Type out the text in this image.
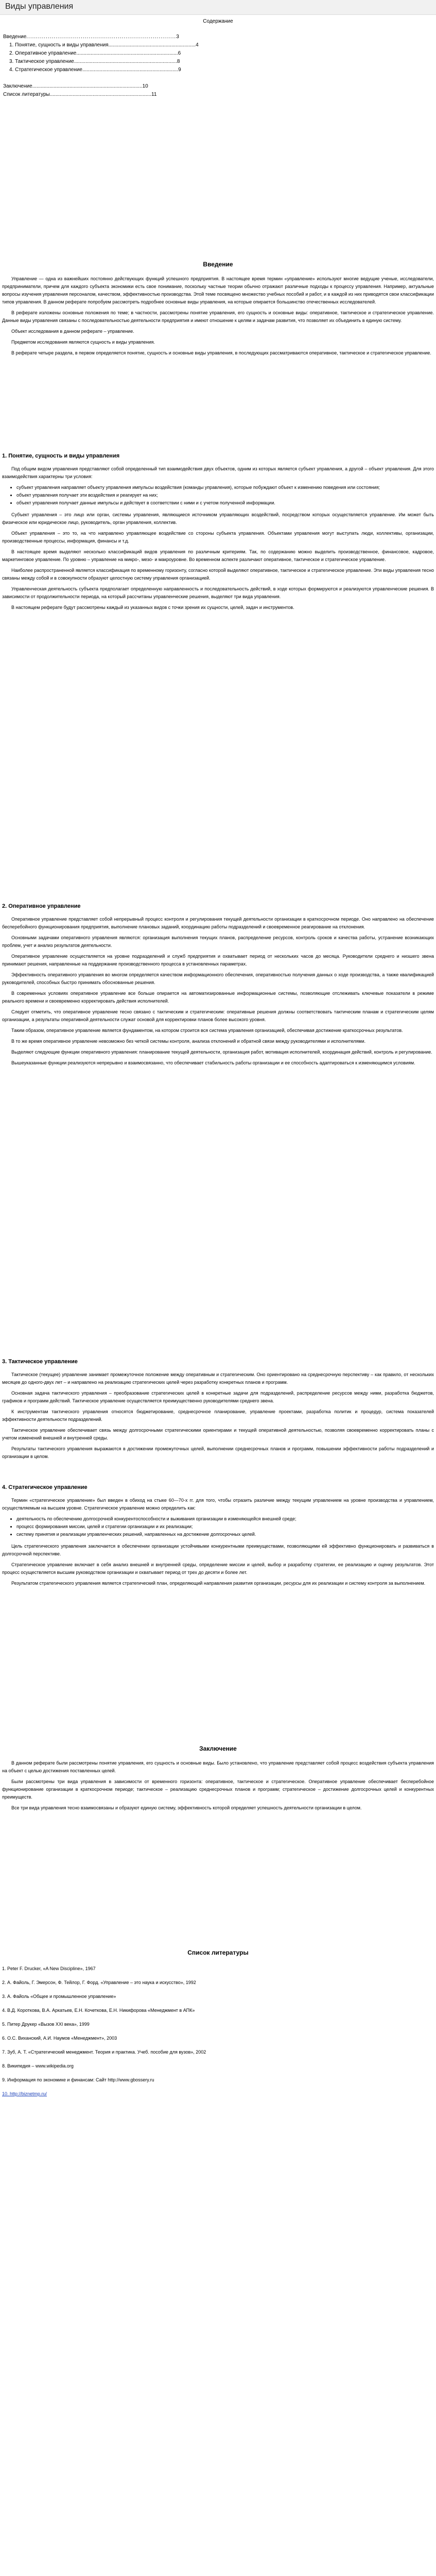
Виды управления
Содержание
Введение.............................................................................3
1. Понятие, сущность и виды управления.............................................................4
2. Оперативное управление.......................................................................6
3. Тактическое управление........................................................................8
4. Стратегическое управление...................................................................9
Заключение.............................................................................10
Список литературы.......................................................................11
Введение

Управление — одна из важнейших постоянно действующих функций успешного предприятия. В настоящее время термин «управление» используют многие ведущие ученые, исследователи, предприниматели, причем для каждого субъекта экономики есть свое понимание, поскольку частные теории обычно отражают различные подходы к процессу управления. Например, актуальные вопросы изучения управления персоналом, качеством, эффективностью производства. Этой теме посвящено множество учебных пособий и работ, и в каждой из них приводятся свои классификации типов управления. В данном реферате попробуем рассмотреть подробнее основные виды управления, на которые опирается большинство отечественных исследователей.

В реферате изложены основные положения по теме; в частности, рассмотрены понятие управления, его сущность и основные виды: оперативное, тактическое и стратегическое управление. Данные виды управления связаны с последовательностью деятельности предприятия и имеют отношение к целям и задачам развития, что позволяет их объединить в единую систему.

Объект исследования в данном реферате – управление.

Предметом исследования являются сущность и виды управления.

В реферате четыре раздела, в первом определяется понятие, сущность и основные виды управления, в последующих рассматриваются оперативное, тактическое и стратегическое управление.

1. Понятие, сущность и виды управления

Под общим видом управления представляют собой определенный тип взаимодействия двух объектов, одним из которых является субъект управления, а другой – объект управления. Для этого взаимодействия характерны три условия:

• субъект управления направляет объекту управления импульсы воздействия (команды управления), которые побуждают объект к изменению поведения или состояния;
• объект управления получает эти воздействия и реагирует на них;
• объект управления получает данные импульсы и действует в соответствии с ними и с учетом полученной информации.

Субъект управления – это лицо или орган, системы управления, являющиеся источником управляющих воздействий, посредством которых осуществляется управление. Им может быть физическое или юридическое лицо, руководитель, орган управления, коллектив.

Объект управления – это то, на что направлено управляющее воздействие со стороны субъекта управления. Объектами управления могут выступать люди, коллективы, организации, производственные процессы, информация, финансы и т.д.

В настоящее время выделяют несколько классификаций видов управления по различным критериям. Так, по содержанию можно выделить производственное, финансовое, кадровое, маркетинговое управление. По уровню – управление на микро-, мезо- и макроуровне. Во временном аспекте различают оперативное, тактическое и стратегическое управление.

Наиболее распространенной является классификация по временному горизонту, согласно которой выделяют оперативное, тактическое и стратегическое управление. Эти виды управления тесно связаны между собой и в совокупности образуют целостную систему управления организацией.

Управленческая деятельность субъекта предполагает определенную направленность и последовательность действий, в ходе которых формируются и реализуются управленческие решения. В зависимости от продолжительности периода, на который рассчитаны управленческие решения, выделяют три вида управления.

В настоящем реферате будут рассмотрены каждый из указанных видов с точки зрения их сущности, целей, задач и инструментов.

2. Оперативное управление

Оперативное управление представляет собой непрерывный процесс контроля и регулирования текущей деятельности организации в краткосрочном периоде. Оно направлено на обеспечение бесперебойного функционирования предприятия, выполнение плановых заданий, координацию работы подразделений и своевременное реагирование на отклонения.

Основными задачами оперативного управления являются: организация выполнения текущих планов, распределение ресурсов, контроль сроков и качества работы, устранение возникающих проблем, учет и анализ результатов деятельности.

Оперативное управление осуществляется на уровне подразделений и служб предприятия и охватывает период от нескольких часов до месяца. Руководители среднего и низшего звена принимают решения, направленные на поддержание производственного процесса в установленных параметрах.

Эффективность оперативного управления во многом определяется качеством информационного обеспечения, оперативностью получения данных о ходе производства, а также квалификацией руководителей, способных быстро принимать обоснованные решения.

В современных условиях оперативное управление все больше опирается на автоматизированные информационные системы, позволяющие отслеживать ключевые показатели в режиме реального времени и своевременно корректировать действия исполнителей.

Следует отметить, что оперативное управление тесно связано с тактическим и стратегическим: оперативные решения должны соответствовать тактическим планам и стратегическим целям организации, а результаты оперативной деятельности служат основой для корректировки планов более высокого уровня.

Таким образом, оперативное управление является фундаментом, на котором строится вся система управления организацией, обеспечивая достижение краткосрочных результатов.

В то же время оперативное управление невозможно без четкой системы контроля, анализа отклонений и обратной связи между руководителями и исполнителями.

Выделяют следующие функции оперативного управления: планирование текущей деятельности, организация работ, мотивация исполнителей, координация действий, контроль и регулирование.

Вышеуказанные функции реализуются непрерывно и взаимосвязанно, что обеспечивает стабильность работы организации и ее способность адаптироваться к изменяющимся условиям.

3. Тактическое управление

Тактическое (текущее) управление занимает промежуточное положение между оперативным и стратегическим. Оно ориентировано на среднесрочную перспективу – как правило, от нескольких месяцев до одного-двух лет – и направлено на реализацию стратегических целей через разработку конкретных планов и программ.

Основная задача тактического управления – преобразование стратегических целей в конкретные задачи для подразделений, распределение ресурсов между ними, разработка бюджетов, графиков и программ действий. Тактическое управление осуществляется преимущественно руководителями среднего звена.

К инструментам тактического управления относятся бюджетирование, среднесрочное планирование, управление проектами, разработка политик и процедур, система показателей эффективности деятельности подразделений.

Тактическое управление обеспечивает связь между долгосрочными стратегическими ориентирами и текущей оперативной деятельностью, позволяя своевременно корректировать планы с учетом изменений внешней и внутренней среды.

Результаты тактического управления выражаются в достижении промежуточных целей, выполнении среднесрочных планов и программ, повышении эффективности работы подразделений и организации в целом.

4. Стратегическое управление

Термин «стратегическое управление» был введен в обиход на стыке 60—70-х гг. для того, чтобы отразить различие между текущим управлением на уровне производства и управлением, осуществляемым на высшем уровне. Стратегическое управление можно определить как:

• деятельность по обеспечению долгосрочной конкурентоспособности и выживания организации в изменяющейся внешней среде;
• процесс формирования миссии, целей и стратегии организации и их реализации;
• систему принятия и реализации управленческих решений, направленных на достижение долгосрочных целей.

Цель стратегического управления заключается в обеспечении организации устойчивыми конкурентными преимуществами, позволяющими ей эффективно функционировать и развиваться в долгосрочной перспективе.

Стратегическое управление включает в себя анализ внешней и внутренней среды, определение миссии и целей, выбор и разработку стратегии, ее реализацию и оценку результатов. Этот процесс осуществляется высшим руководством организации и охватывает период от трех до десяти и более лет.

Результатом стратегического управления является стратегический план, определяющий направления развития организации, ресурсы для их реализации и систему контроля за выполнением.

Заключение

В данном реферате были рассмотрены понятие управления, его сущность и основные виды. Было установлено, что управление представляет собой процесс воздействия субъекта управления на объект с целью достижения поставленных целей.

Были рассмотрены три вида управления в зависимости от временного горизонта: оперативное, тактическое и стратегическое. Оперативное управление обеспечивает бесперебойное функционирование организации в краткосрочном периоде; тактическое – реализацию среднесрочных планов и программ; стратегическое – достижение долгосрочных целей и конкурентных преимуществ.

Все три вида управления тесно взаимосвязаны и образуют единую систему, эффективность которой определяет успешность деятельности организации в целом.

Список литературы

1. Peter F. Drucker, «A New Discipline», 1967

2. А. Файоль, Г. Эмерсон, Ф. Тейлор, Г. Форд. «Управление – это наука и искусство», 1992

3. А. Файоль «Общее и промышленное управление»

4. В.Д. Короткова, В.А. Аркатьев, Е.Н. Кочеткова, Е.Н. Никифорова «Менеджмент в АПК»

5. Питер Друкер «Вызов XXI века», 1999

6. О.С. Виханский, А.И. Наумов «Менеджмент», 2003

7. Зуб, А. Т. «Стратегический менеджмент. Теория и практика. Учеб. пособие для вузов», 2002

8. Википедия – www.wikipedia.org

9. Информация по экономике и финансам: Сайт http://www.gbossery.ru

10. http://biznetmp.ru/
